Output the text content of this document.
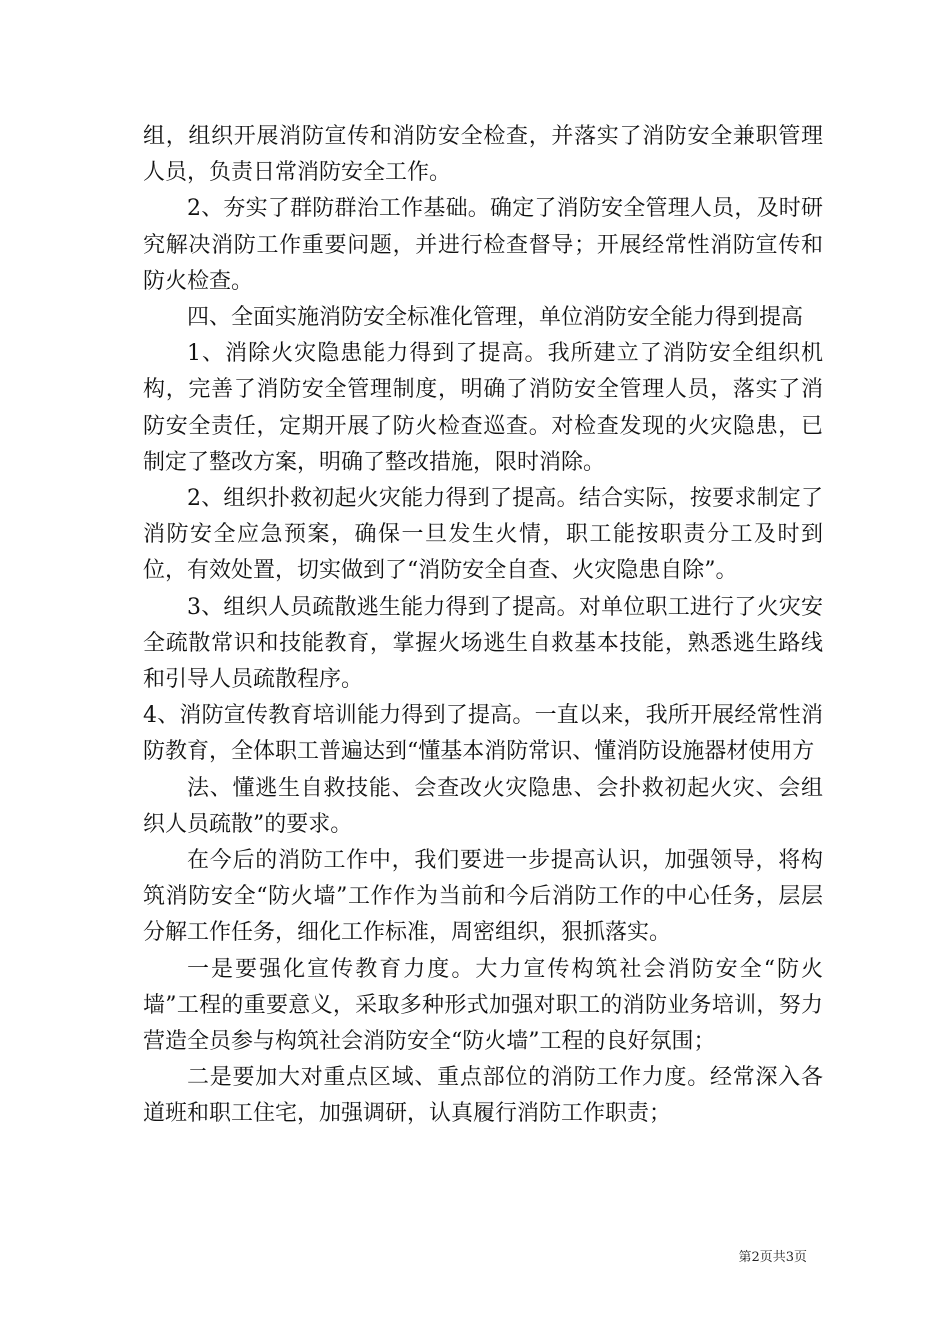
组，组织开展消防宣传和消防安全检查，并落实了消防安全兼职管理人员，负责日常消防安全工作。

2、夯实了群防群治工作基础。确定了消防安全管理人员，及时研究解决消防工作重要问题，并进行检查督导；开展经常性消防宣传和防火检查。

四、全面实施消防安全标准化管理，单位消防安全能力得到提高

1、消除火灾隐患能力得到了提高。我所建立了消防安全组织机构，完善了消防安全管理制度，明确了消防安全管理人员，落实了消防安全责任，定期开展了防火检查巡查。对检查发现的火灾隐患，已制定了整改方案，明确了整改措施，限时消除。

2、组织扑救初起火灾能力得到了提高。结合实际，按要求制定了消防安全应急预案，确保一旦发生火情，职工能按职责分工及时到位，有效处置，切实做到了“消防安全自查、火灾隐患自除”。

3、组织人员疏散逃生能力得到了提高。对单位职工进行了火灾安全疏散常识和技能教育，掌握火场逃生自救基本技能，熟悉逃生路线和引导人员疏散程序。

4、消防宣传教育培训能力得到了提高。一直以来，我所开展经常性消防教育，全体职工普遍达到“懂基本消防常识、懂消防设施器材使用方

法、懂逃生自救技能、会查改火灾隐患、会扑救初起火灾、会组织人员疏散”的要求。

在今后的消防工作中，我们要进一步提高认识，加强领导，将构筑消防安全“防火墙”工作作为当前和今后消防工作的中心任务，层层分解工作任务，细化工作标准，周密组织，狠抓落实。

一是要强化宣传教育力度。大力宣传构筑社会消防安全“防火墙”工程的重要意义，采取多种形式加强对职工的消防业务培训，努力营造全员参与构筑社会消防安全“防火墙”工程的良好氛围；

二是要加大对重点区域、重点部位的消防工作力度。经常深入各道班和职工住宅，加强调研，认真履行消防工作职责；

第2页共3页
